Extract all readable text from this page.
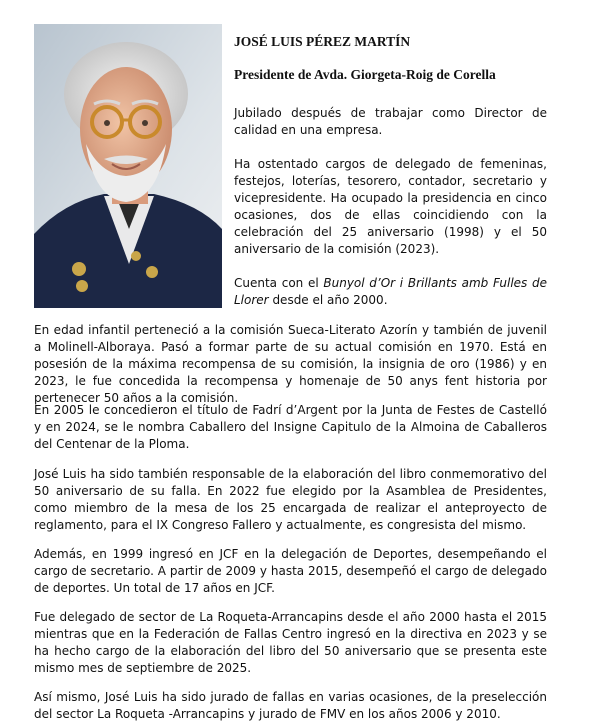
JOSÉ LUIS PÉREZ MARTÍN

Presidente de Avda. Giorgeta-Roig de Corella

Jubilado después de trabajar como Director de calidad en una empresa.

Ha ostentado cargos de delegado de femeninas, festejos, loterías, tesorero, contador, secretario y vicepresidente. Ha ocupado la presidencia en cinco ocasiones, dos de ellas coincidiendo con la celebración del 25 aniversario (1998) y el 50 aniversario de la comisión (2023).

Cuenta con el Bunyol d’Or i Brillants amb Fulles de Llorer desde el año 2000.

En edad infantil perteneció a la comisión Sueca-Literato Azorín y también de juvenil a Molinell-Alboraya. Pasó a formar parte de su actual comisión en 1970. Está en posesión de la máxima recompensa de su comisión, la insignia de oro (1986) y en 2023, le fue concedida la recompensa y homenaje de 50 anys fent historia por pertenecer 50 años a la comisión.

En 2005 le concedieron el título de Fadrí d’Argent por la Junta de Festes de Castelló y en 2024, se le nombra Caballero del Insigne Capitulo de la Almoina de Caballeros del Centenar de la Ploma.

José Luis ha sido también responsable de la elaboración del libro conmemorativo del 50 aniversario de su falla. En 2022 fue elegido por la Asamblea de Presidentes, como miembro de la mesa de los 25 encargada de realizar el anteproyecto de reglamento, para el IX Congreso Fallero y actualmente, es congresista del mismo.

Además, en 1999 ingresó en JCF en la delegación de Deportes, desempeñando el cargo de secretario. A partir de 2009 y hasta 2015, desempeñó el cargo de delegado de deportes. Un total de 17 años en JCF.

Fue delegado de sector de La Roqueta-Arrancapins desde el año 2000 hasta el 2015 mientras que en la Federación de Fallas Centro ingresó en la directiva en 2023 y se ha hecho cargo de la elaboración del libro del 50 aniversario que se presenta este mismo mes de septiembre de 2025.

Así mismo, José Luis ha sido jurado de fallas en varias ocasiones, de la preselección del sector La Roqueta -Arrancapins y jurado de FMV en los años 2006 y 2010.
